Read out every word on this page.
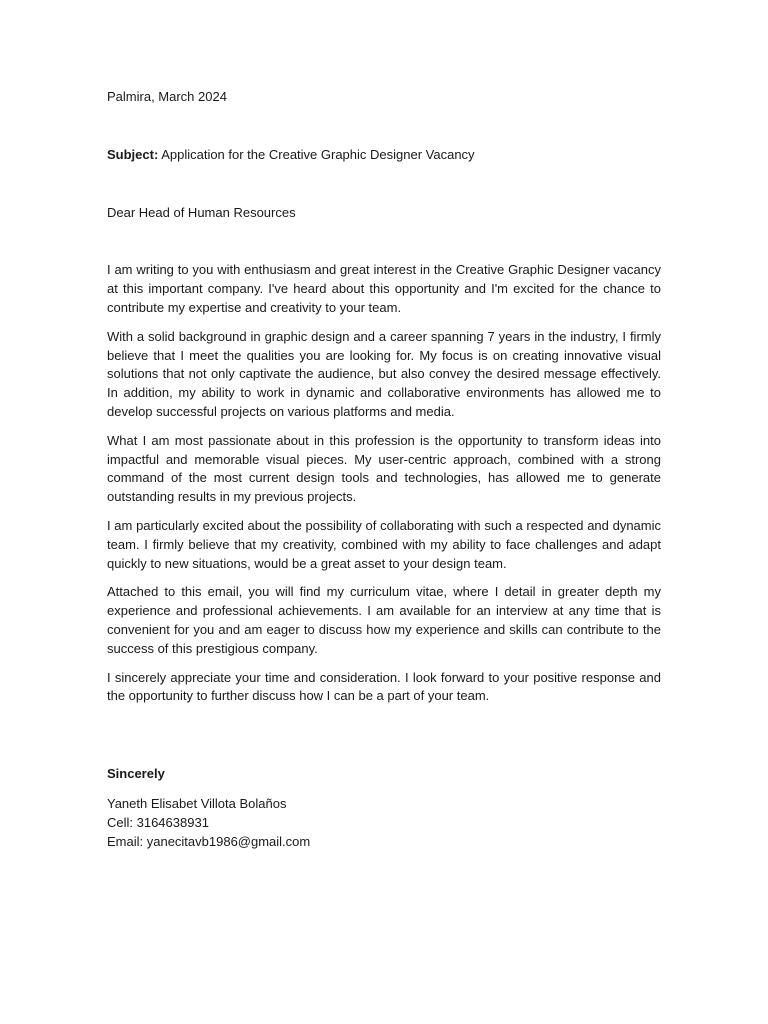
Palmira, March 2024

Subject: Application for the Creative Graphic Designer Vacancy

Dear Head of Human Resources

I am writing to you with enthusiasm and great interest in the Creative Graphic Designer vacancy at this important company. I've heard about this opportunity and I'm excited for the chance to contribute my expertise and creativity to your team.

With a solid background in graphic design and a career spanning 7 years in the industry, I firmly believe that I meet the qualities you are looking for. My focus is on creating innovative visual solutions that not only captivate the audience, but also convey the desired message effectively. In addition, my ability to work in dynamic and collaborative environments has allowed me to develop successful projects on various platforms and media.

What I am most passionate about in this profession is the opportunity to transform ideas into impactful and memorable visual pieces. My user-centric approach, combined with a strong command of the most current design tools and technologies, has allowed me to generate outstanding results in my previous projects.

I am particularly excited about the possibility of collaborating with such a respected and dynamic team. I firmly believe that my creativity, combined with my ability to face challenges and adapt quickly to new situations, would be a great asset to your design team.

Attached to this email, you will find my curriculum vitae, where I detail in greater depth my experience and professional achievements. I am available for an interview at any time that is convenient for you and am eager to discuss how my experience and skills can contribute to the success of this prestigious company.

I sincerely appreciate your time and consideration. I look forward to your positive response and the opportunity to further discuss how I can be a part of your team.

Sincerely

Yaneth Elisabet Villota Bolaños
Cell: 3164638931
Email: yanecitavb1986@gmail.com
